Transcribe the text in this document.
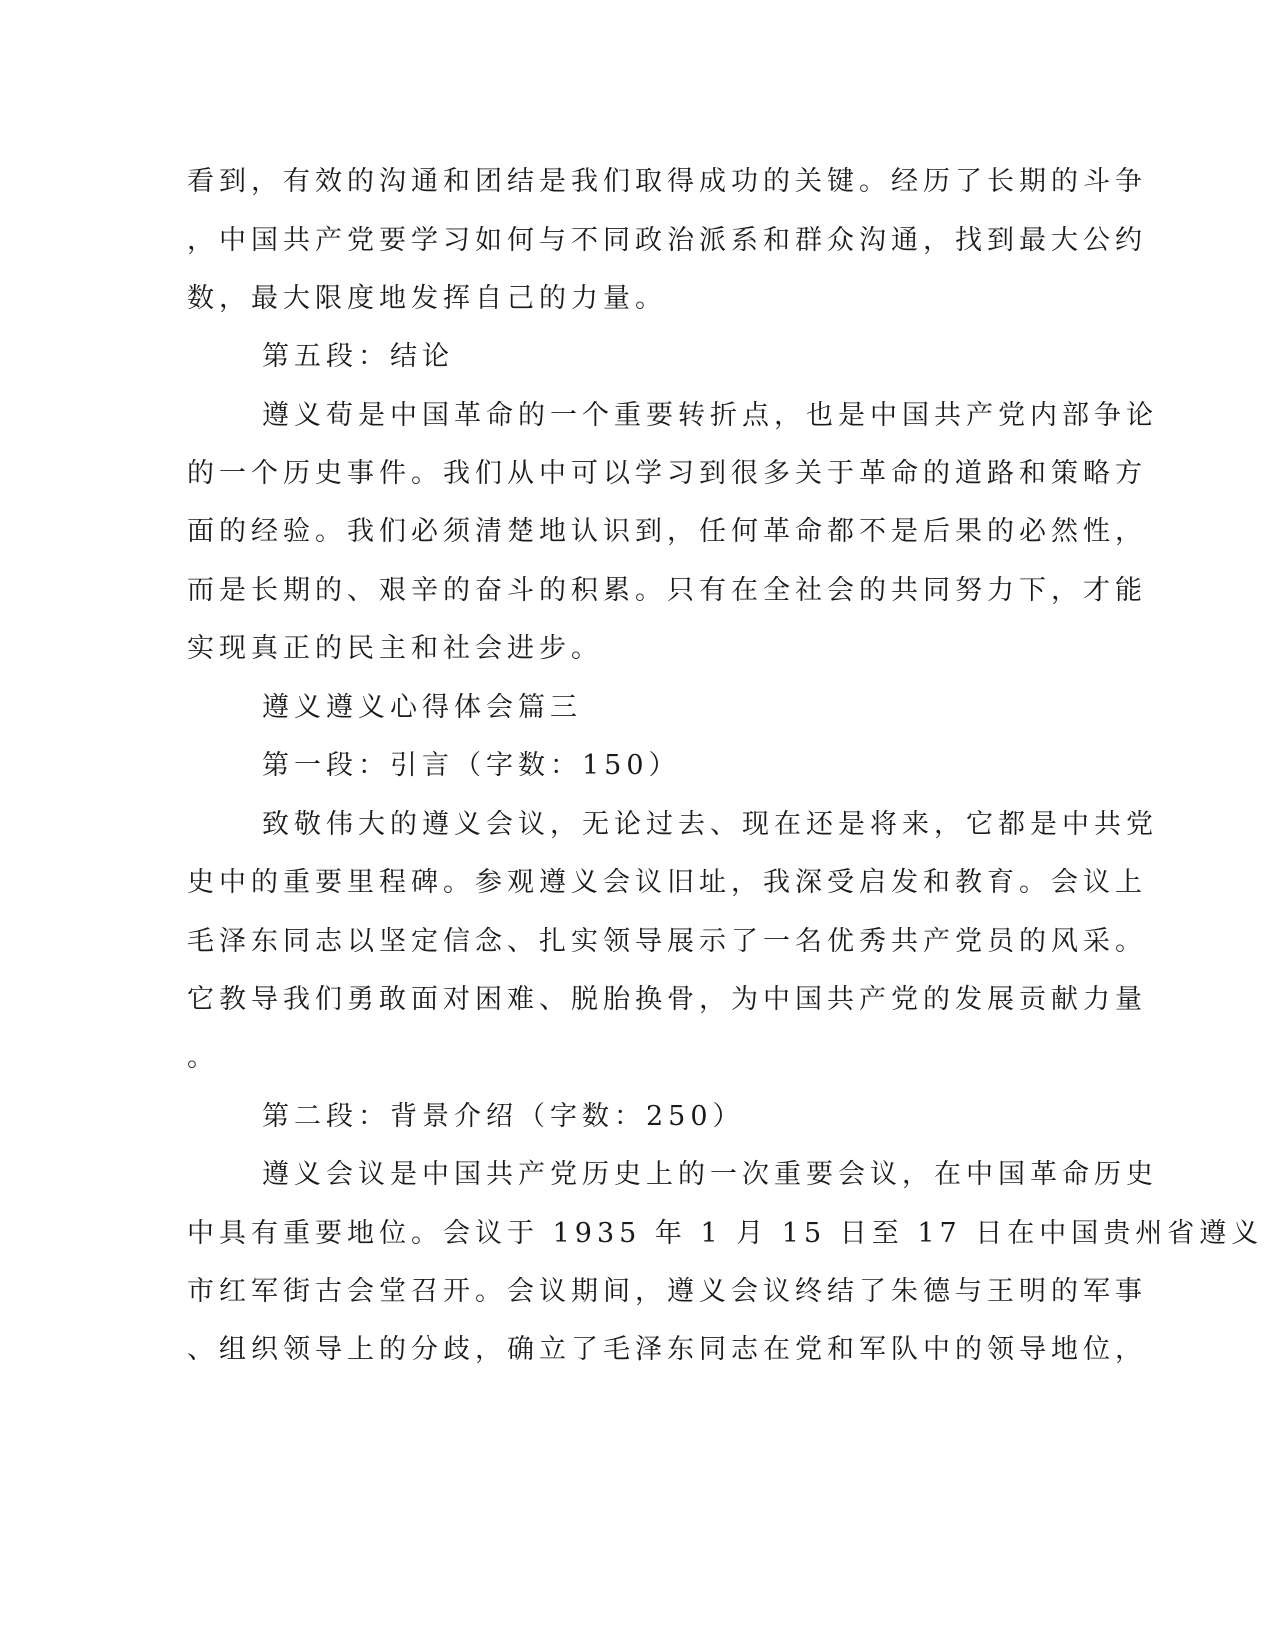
看到，有效的沟通和团结是我们取得成功的关键。经历了长期的斗争
，中国共产党要学习如何与不同政治派系和群众沟通，找到最大公约
数，最大限度地发挥自己的力量。
第五段：结论
遵义荀是中国革命的一个重要转折点，也是中国共产党内部争论
的一个历史事件。我们从中可以学习到很多关于革命的道路和策略方
面的经验。我们必须清楚地认识到，任何革命都不是后果的必然性，
而是长期的、艰辛的奋斗的积累。只有在全社会的共同努力下，才能
实现真正的民主和社会进步。
遵义遵义心得体会篇三
第一段：引言（字数：150）
致敬伟大的遵义会议，无论过去、现在还是将来，它都是中共党
史中的重要里程碑。参观遵义会议旧址，我深受启发和教育。会议上
毛泽东同志以坚定信念、扎实领导展示了一名优秀共产党员的风采。
它教导我们勇敢面对困难、脱胎换骨，为中国共产党的发展贡献力量
。
第二段：背景介绍（字数：250）
遵义会议是中国共产党历史上的一次重要会议，在中国革命历史
中具有重要地位。会议于 1935 年 1 月 15 日至 17 日在中国贵州省遵义
市红军街古会堂召开。会议期间，遵义会议终结了朱德与王明的军事
、组织领导上的分歧，确立了毛泽东同志在党和军队中的领导地位，
